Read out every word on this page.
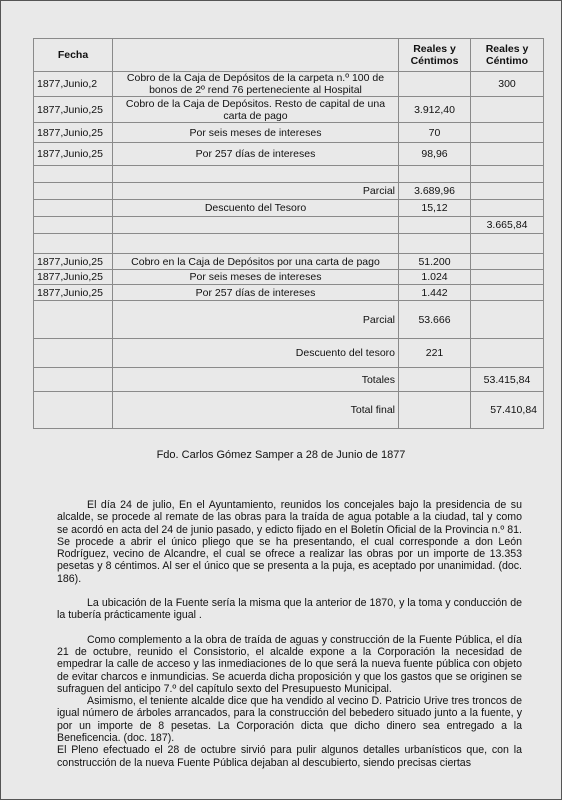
Fecha		Reales y Céntimos	Reales y Céntimo
1877,Junio,2	Cobro de la Caja de Depósitos de la carpeta n.º 100 de bonos de 2º rend 76 perteneciente al Hospital		300
1877,Junio,25	Cobro de la Caja de Depósitos. Resto de capital de una carta de pago	3.912,40	
1877,Junio,25	Por seis meses de intereses	70	
1877,Junio,25	Por 257 días de intereses	98,96	

	Parcial	3.689,96	
	Descuento del Tesoro	15,12	
			3.665,84

1877,Junio,25	Cobro en la Caja de Depósitos por una carta de pago	51.200	
1877,Junio,25	Por seis meses de intereses	1.024	
1877,Junio,25	Por 257 días de intereses	1.442	
	Parcial	53.666	
	Descuento del tesoro	221	
	Totales		53.415,84
	Total final		57.410,84
Fdo. Carlos Gómez Samper a 28 de Junio de 1877

El día 24 de julio, En el Ayuntamiento, reunidos los concejales bajo la presidencia de su alcalde, se procede al remate de las obras para la traída de agua potable a la ciudad, tal y como se acordó en acta del 24 de junio pasado, y edicto fijado en el Boletín Oficial de la Provincia n.º 81. Se procede a abrir el único pliego que se ha presentando, el cual corresponde a don León Rodríguez, vecino de Alcandre, el cual se ofrece a realizar las obras por un importe de 13.353 pesetas y 8 céntimos. Al ser el único que se presenta a la puja, es aceptado por unanimidad. (doc. 186).

La ubicación de la Fuente sería la misma que la anterior de 1870, y la toma y conducción de la tubería prácticamente igual .

Como complemento a la obra de traída de aguas y construcción de la Fuente Pública, el día 21 de octubre, reunido el Consistorio, el alcalde expone a la Corporación la necesidad de empedrar la calle de acceso y las inmediaciones de lo que será la nueva fuente pública con objeto de evitar charcos e inmundicias. Se acuerda dicha proposición y que los gastos que se originen se sufraguen del anticipo 7.º del capítulo sexto del Presupuesto Municipal.

Asimismo, el teniente alcalde dice que ha vendido al vecino D. Patricio Urive tres troncos de igual número de árboles arrancados, para la construcción del bebedero situado junto a la fuente, y por un importe de 8 pesetas. La Corporación dicta que dicho dinero sea entregado a la Beneficencia. (doc. 187).

El Pleno efectuado el 28 de octubre sirvió para pulir algunos detalles urbanísticos que, con la construcción de la nueva Fuente Pública dejaban al descubierto, siendo precisas ciertas
